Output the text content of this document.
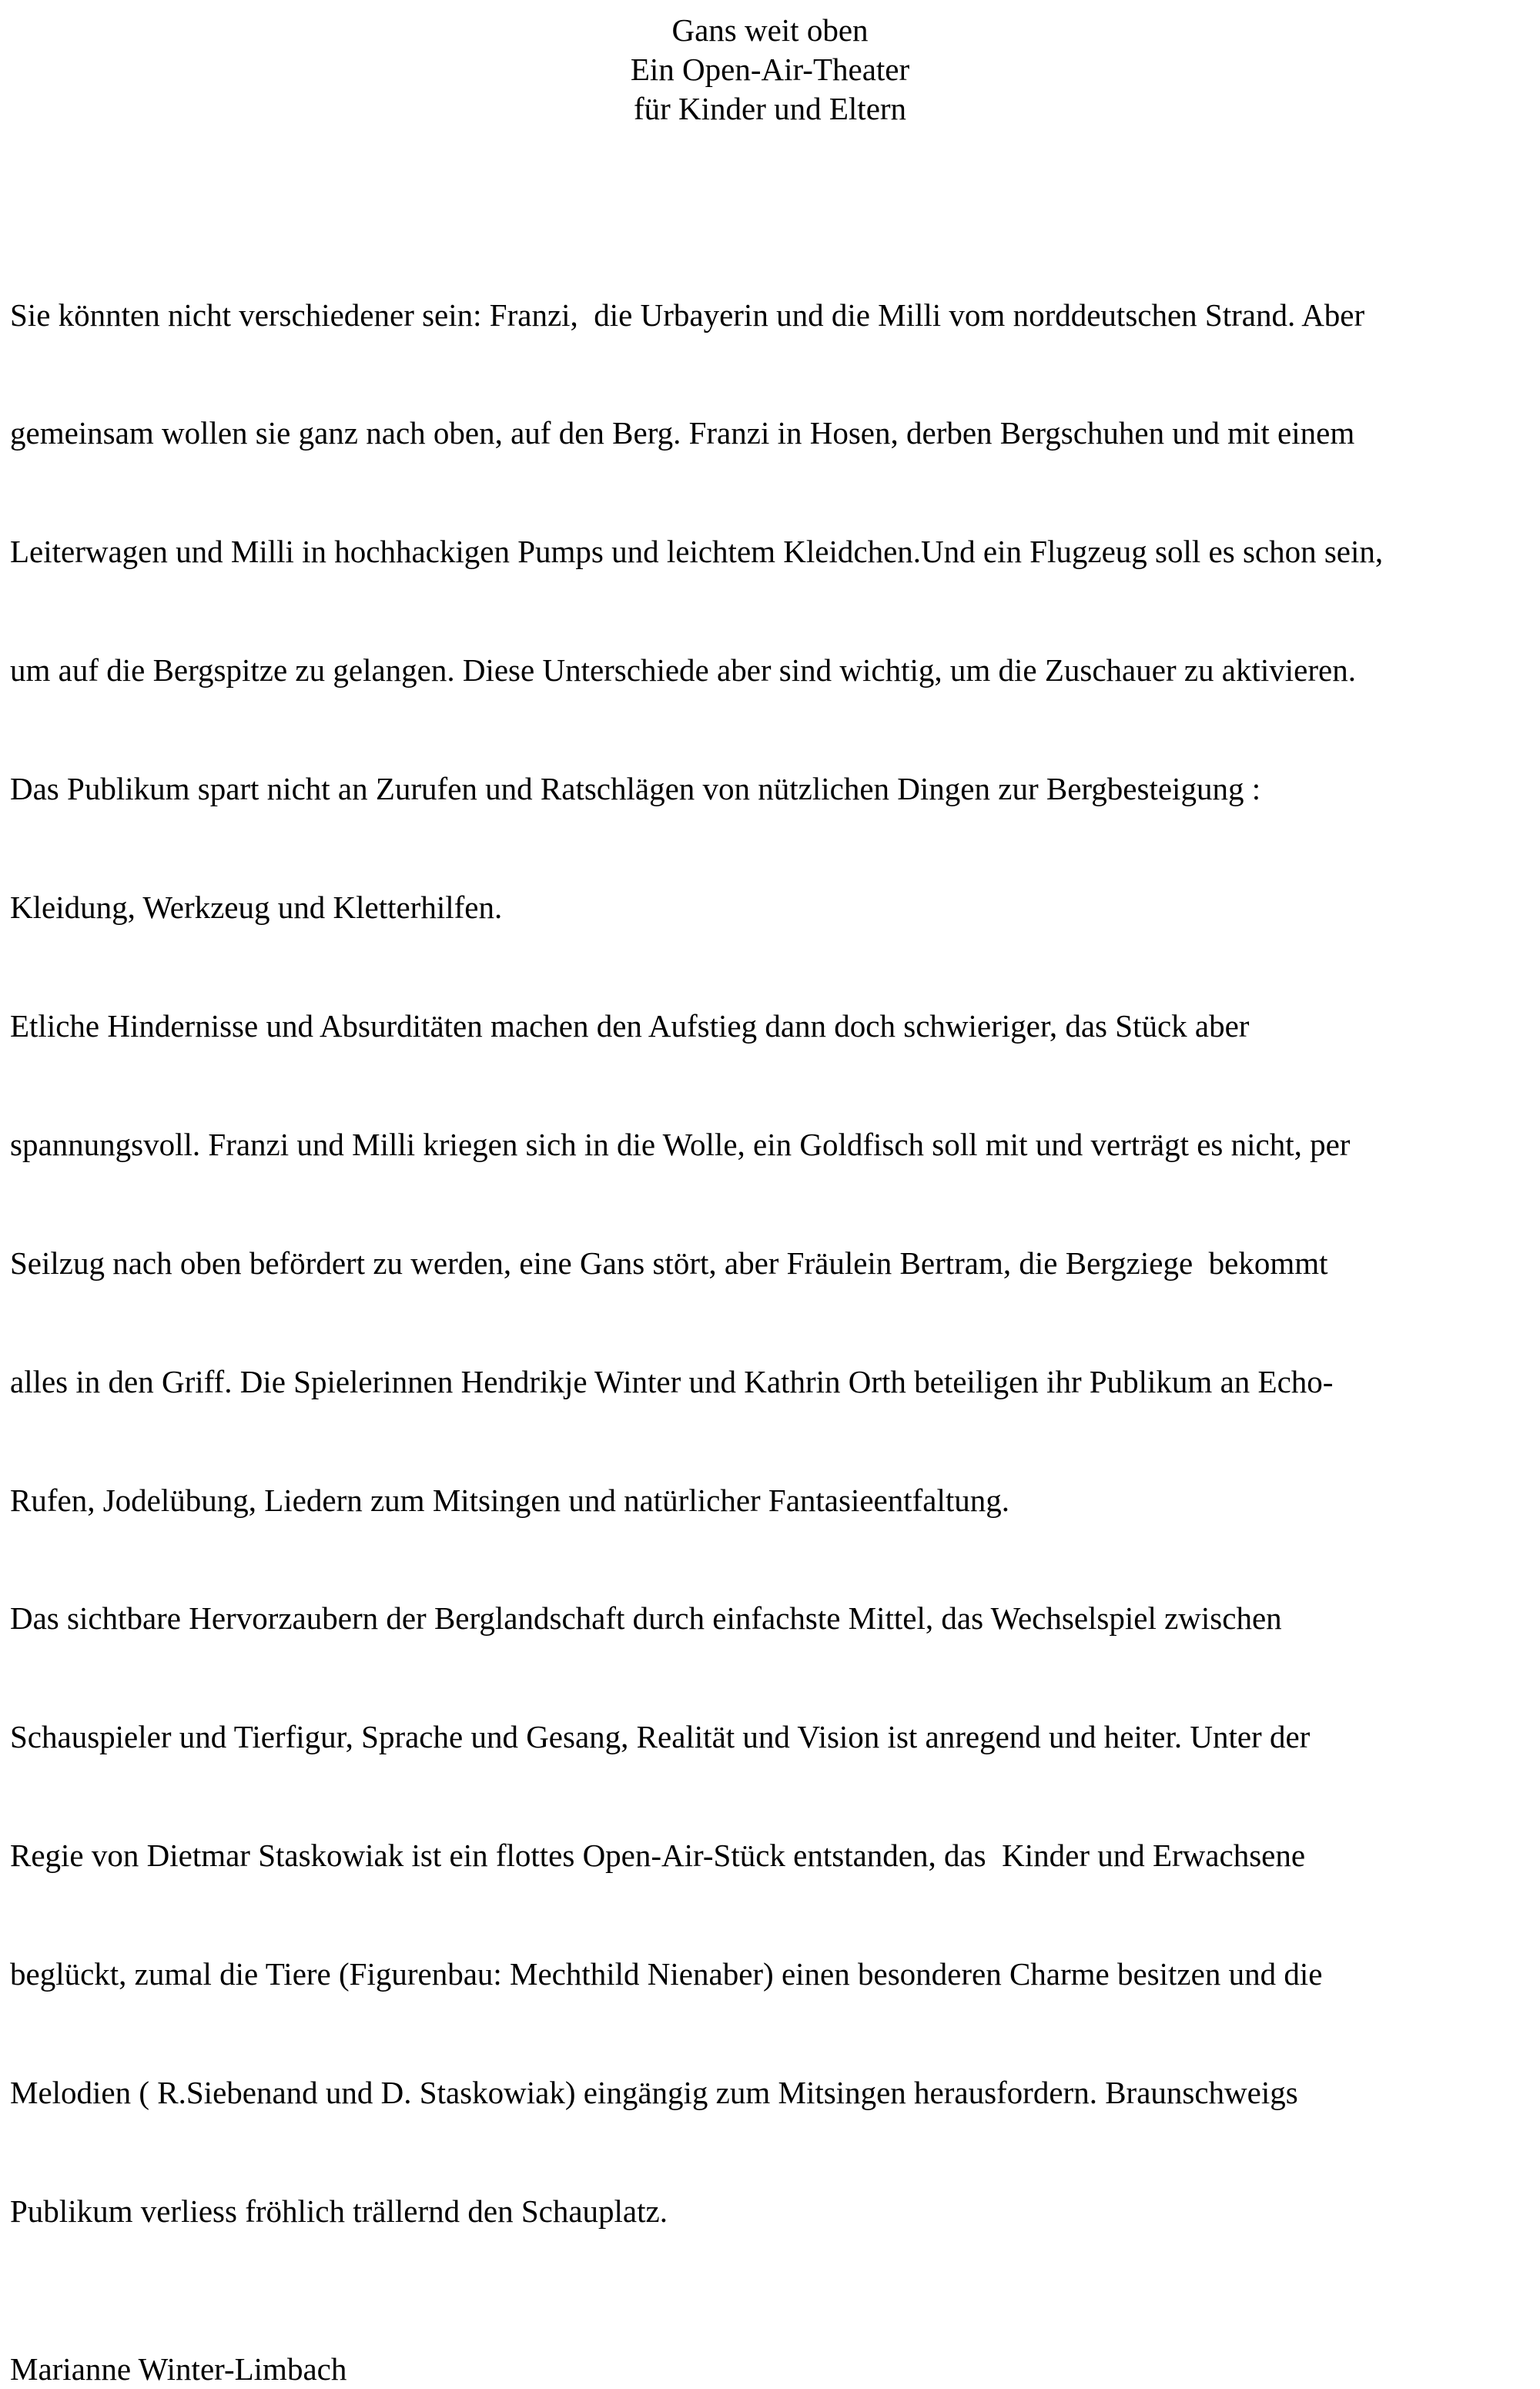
Gans weit oben
Ein Open-Air-Theater
für Kinder und Eltern

Sie könnten nicht verschiedener sein: Franzi,  die Urbayerin und die Milli vom norddeutschen Strand. Aber

gemeinsam wollen sie ganz nach oben, auf den Berg. Franzi in Hosen, derben Bergschuhen und mit einem

Leiterwagen und Milli in hochhackigen Pumps und leichtem Kleidchen.Und ein Flugzeug soll es schon sein,

um auf die Bergspitze zu gelangen. Diese Unterschiede aber sind wichtig, um die Zuschauer zu aktivieren.

Das Publikum spart nicht an Zurufen und Ratschlägen von nützlichen Dingen zur Bergbesteigung :

Kleidung, Werkzeug und Kletterhilfen.

Etliche Hindernisse und Absurditäten machen den Aufstieg dann doch schwieriger, das Stück aber

spannungsvoll. Franzi und Milli kriegen sich in die Wolle, ein Goldfisch soll mit und verträgt es nicht, per

Seilzug nach oben befördert zu werden, eine Gans stört, aber Fräulein Bertram, die Bergziege  bekommt

alles in den Griff. Die Spielerinnen Hendrikje Winter und Kathrin Orth beteiligen ihr Publikum an Echo-

Rufen, Jodelübung, Liedern zum Mitsingen und natürlicher Fantasieentfaltung.

Das sichtbare Hervorzaubern der Berglandschaft durch einfachste Mittel, das Wechselspiel zwischen

Schauspieler und Tierfigur, Sprache und Gesang, Realität und Vision ist anregend und heiter. Unter der

Regie von Dietmar Staskowiak ist ein flottes Open-Air-Stück entstanden, das  Kinder und Erwachsene

beglückt, zumal die Tiere (Figurenbau: Mechthild Nienaber) einen besonderen Charme besitzen und die

Melodien ( R.Siebenand und D. Staskowiak) eingängig zum Mitsingen herausfordern. Braunschweigs

Publikum verliess fröhlich trällernd den Schauplatz.

Marianne Winter-Limbach
